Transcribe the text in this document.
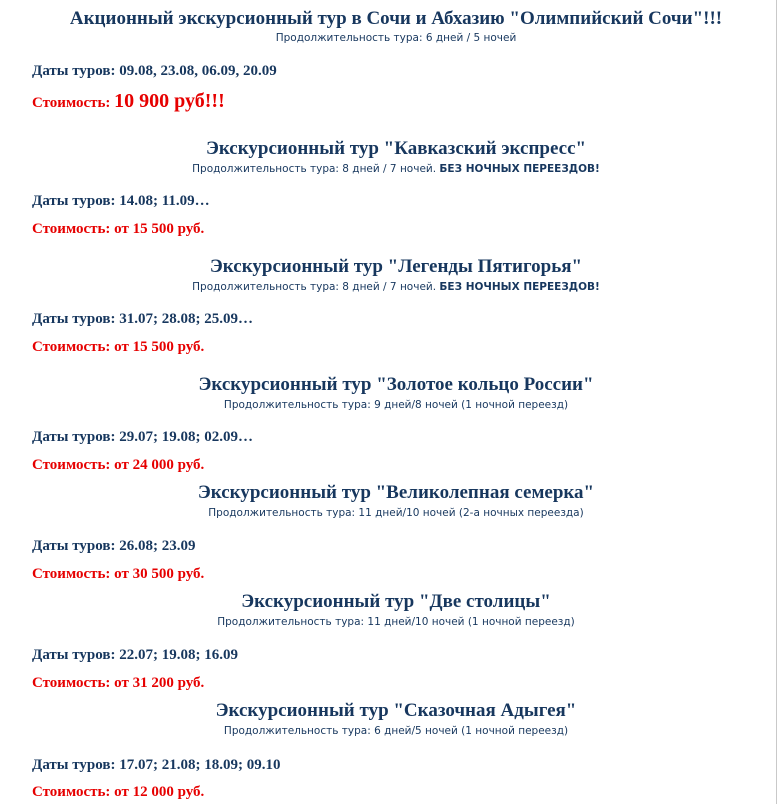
Акционный экскурсионный тур в Сочи и Абхазию "Олимпийский Сочи"!!!
Продолжительность тура: 6 дней / 5 ночей
Даты туров: 09.08, 23.08, 06.09, 20.09
Стоимость: 10 900 руб!!!
Экскурсионный тур "Кавказский экспресс"
Продолжительность тура: 8 дней / 7 ночей. БЕЗ НОЧНЫХ ПЕРЕЕЗДОВ!
Даты туров: 14.08; 11.09…
Стоимость: от 15 500 руб.
Экскурсионный тур "Легенды Пятигорья"
Продолжительность тура: 8 дней / 7 ночей. БЕЗ НОЧНЫХ ПЕРЕЕЗДОВ!
Даты туров: 31.07; 28.08; 25.09…
Стоимость: от 15 500 руб.
Экскурсионный тур "Золотое кольцо России"
Продолжительность тура: 9 дней/8 ночей (1 ночной переезд)
Даты туров: 29.07; 19.08; 02.09…
Стоимость: от 24 000 руб.
Экскурсионный тур "Великолепная семерка"
Продолжительность тура: 11 дней/10 ночей (2-а ночных переезда)
Даты туров: 26.08; 23.09
Стоимость: от 30 500 руб.
Экскурсионный тур "Две столицы"
Продолжительность тура: 11 дней/10 ночей (1 ночной переезд)
Даты туров: 22.07; 19.08; 16.09
Стоимость: от 31 200 руб.
Экскурсионный тур "Сказочная Адыгея"
Продолжительность тура: 6 дней/5 ночей (1 ночной переезд)
Даты туров: 17.07; 21.08; 18.09; 09.10
Стоимость: от 12 000 руб.
